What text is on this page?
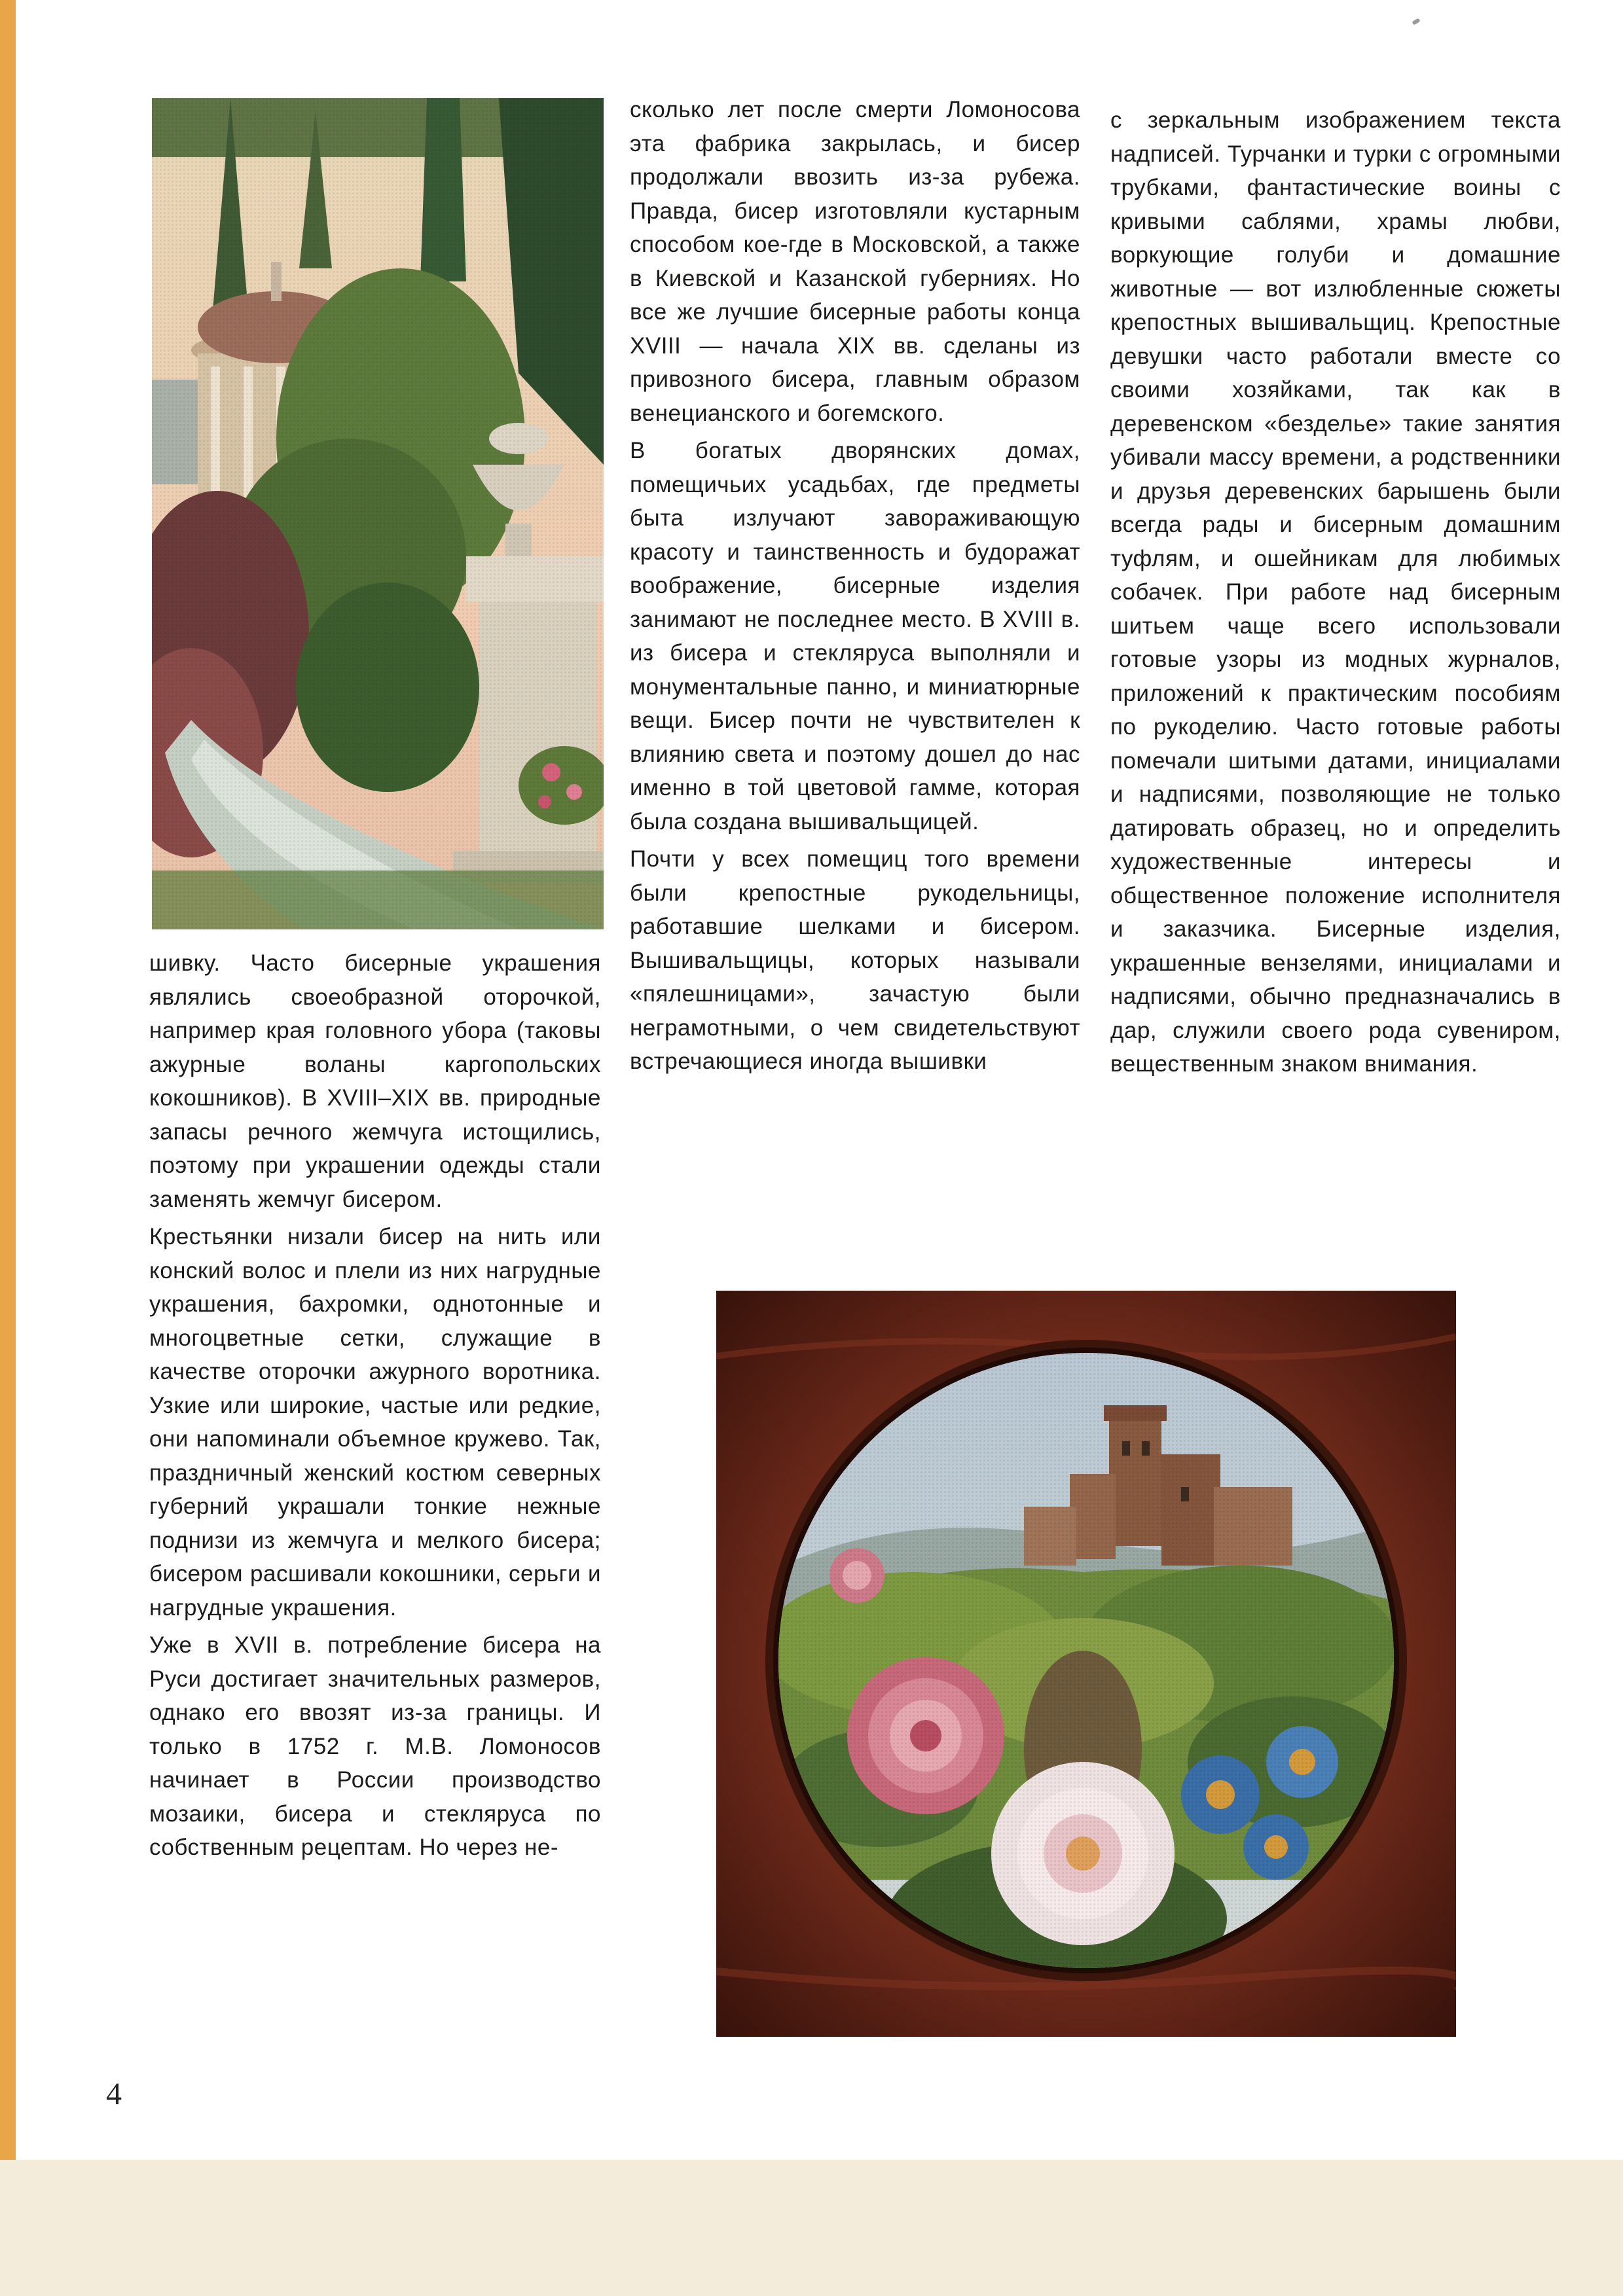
шивку. Часто бисерные украшения являлись своеобразной оторочкой, например края головного убора (таковы ажурные воланы каргопольских кокошников). В XVIII–XIX вв. природные запасы речного жемчуга истощились, поэтому при украшении одежды стали заменять жемчуг бисером.

Крестьянки низали бисер на нить или конский волос и плели из них нагрудные украшения, бахромки, однотонные и многоцветные сетки, служащие в качестве оторочки ажурного воротника. Узкие или широкие, частые или редкие, они напоминали объемное кружево. Так, праздничный женский костюм северных губерний украшали тонкие нежные поднизи из жемчуга и мелкого бисера; бисером расшивали кокошники, серьги и нагрудные украшения.

Уже в XVII в. потребление бисера на Руси достигает значительных размеров, однако его ввозят из-за границы. И только в 1752 г. М.В. Ломоносов начинает в России производство мозаики, бисера и стекляруса по собственным рецептам. Но через не-

сколько лет после смерти Ломоносова эта фабрика закрылась, и бисер продолжали ввозить из-за рубежа. Правда, бисер изготовляли кустарным способом кое-где в Московской, а также в Киевской и Казанской губерниях. Но все же лучшие бисерные работы конца XVIII — начала XIX вв. сделаны из привозного бисера, главным образом венецианского и богемского.

В богатых дворянских домах, помещичьих усадьбах, где предметы быта излучают завораживающую красоту и таинственность и будоражат воображение, бисерные изделия занимают не последнее место. В XVIII в. из бисера и стекляруса выполняли и монументальные панно, и миниатюрные вещи. Бисер почти не чувствителен к влиянию света и поэтому дошел до нас именно в той цветовой гамме, которая была создана вышивальщицей.

Почти у всех помещиц того времени были крепостные рукодельницы, работавшие шелками и бисером. Вышивальщицы, которых называли «пялешницами», зачастую были неграмотными, о чем свидетельствуют встречающиеся иногда вышивки

с зеркальным изображением текста надписей. Турчанки и турки с огромными трубками, фантастические воины с кривыми саблями, храмы любви, воркующие голуби и домашние животные — вот излюбленные сюжеты крепостных вышивальщиц. Крепостные девушки часто работали вместе со своими хозяйками, так как в деревенском «безделье» такие занятия убивали массу времени, а родственники и друзья деревенских барышень были всегда рады и бисерным домашним туфлям, и ошейникам для любимых собачек. При работе над бисерным шитьем чаще всего использовали готовые узоры из модных журналов, приложений к практическим пособиям по рукоделию. Часто готовые работы помечали шитыми датами, инициалами и надписями, позволяющие не только датировать образец, но и определить художественные интересы и общественное положение исполнителя и заказчика. Бисерные изделия, украшенные вензелями, инициалами и надписями, обычно предназначались в дар, служили своего рода сувениром, вещественным знаком внимания.

4
